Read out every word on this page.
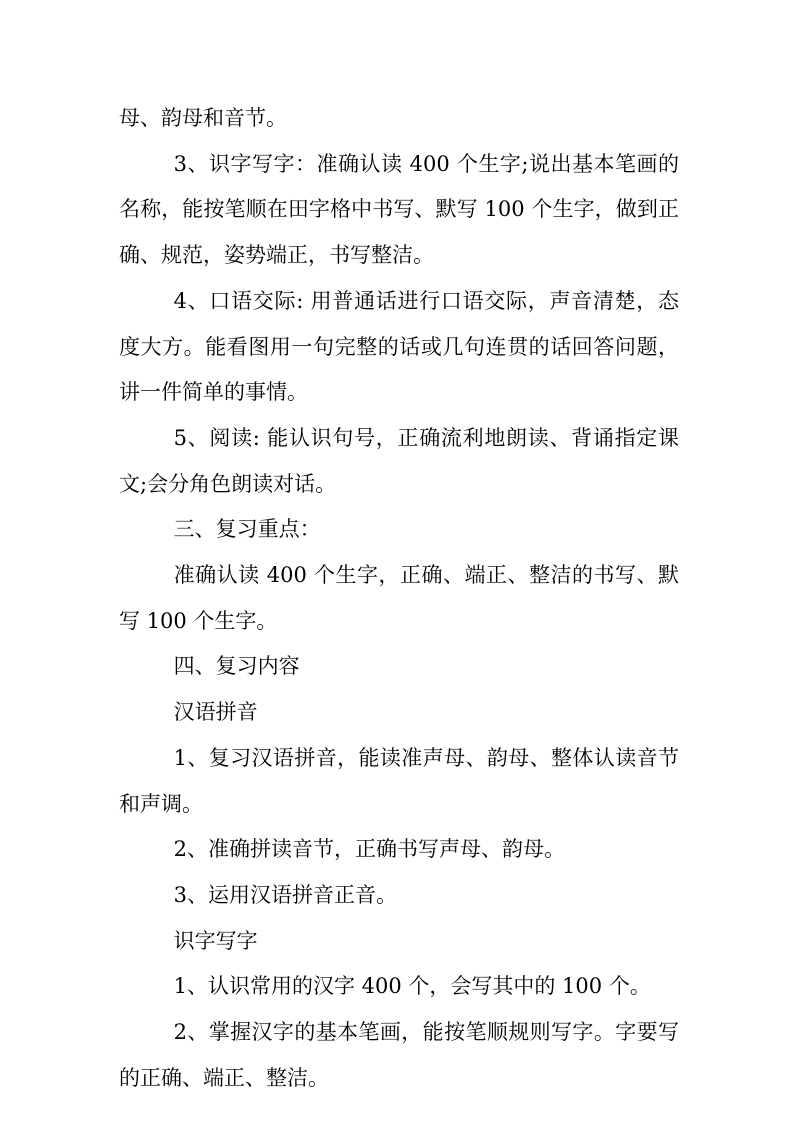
母、韵母和音节。

3、识字写字：准确认读 400 个生字;说出基本笔画的名称，能按笔顺在田字格中书写、默写 100 个生字，做到正确、规范，姿势端正，书写整洁。

4、口语交际: 用普通话进行口语交际，声音清楚，态度大方。能看图用一句完整的话或几句连贯的话回答问题，讲一件简单的事情。

5、阅读: 能认识句号，正确流利地朗读、背诵指定课文;会分角色朗读对话。

三、复习重点：

准确认读 400 个生字，正确、端正、整洁的书写、默写 100 个生字。

四、复习内容

汉语拼音

1、复习汉语拼音，能读准声母、韵母、整体认读音节和声调。

2、准确拼读音节，正确书写声母、韵母。

3、运用汉语拼音正音。

识字写字

1、认识常用的汉字 400 个，会写其中的 100 个。

2、掌握汉字的基本笔画，能按笔顺规则写字。字要写的正确、端正、整洁。
